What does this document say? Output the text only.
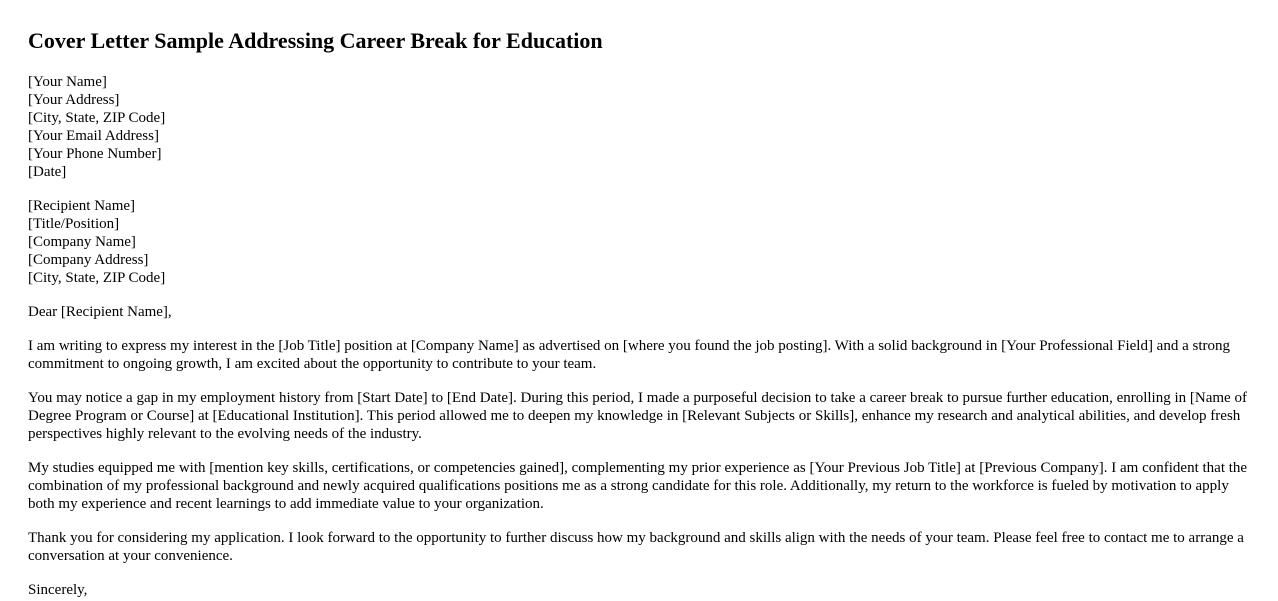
Cover Letter Sample Addressing Career Break for Education
[Your Name]
[Your Address]
[City, State, ZIP Code]
[Your Email Address]
[Your Phone Number]
[Date]
[Recipient Name]
[Title/Position]
[Company Name]
[Company Address]
[City, State, ZIP Code]

Dear [Recipient Name],

I am writing to express my interest in the [Job Title] position at [Company Name] as advertised on [where you found the job posting]. With a solid background in [Your Professional Field] and a strong commitment to ongoing growth, I am excited about the opportunity to contribute to your team.

You may notice a gap in my employment history from [Start Date] to [End Date]. During this period, I made a purposeful decision to take a career break to pursue further education, enrolling in [Name of Degree Program or Course] at [Educational Institution]. This period allowed me to deepen my knowledge in [Relevant Subjects or Skills], enhance my research and analytical abilities, and develop fresh perspectives highly relevant to the evolving needs of the industry.

My studies equipped me with [mention key skills, certifications, or competencies gained], complementing my prior experience as [Your Previous Job Title] at [Previous Company]. I am confident that the combination of my professional background and newly acquired qualifications positions me as a strong candidate for this role. Additionally, my return to the workforce is fueled by motivation to apply both my experience and recent learnings to add immediate value to your organization.

Thank you for considering my application. I look forward to the opportunity to further discuss how my background and skills align with the needs of your team. Please feel free to contact me to arrange a conversation at your convenience.

Sincerely,
